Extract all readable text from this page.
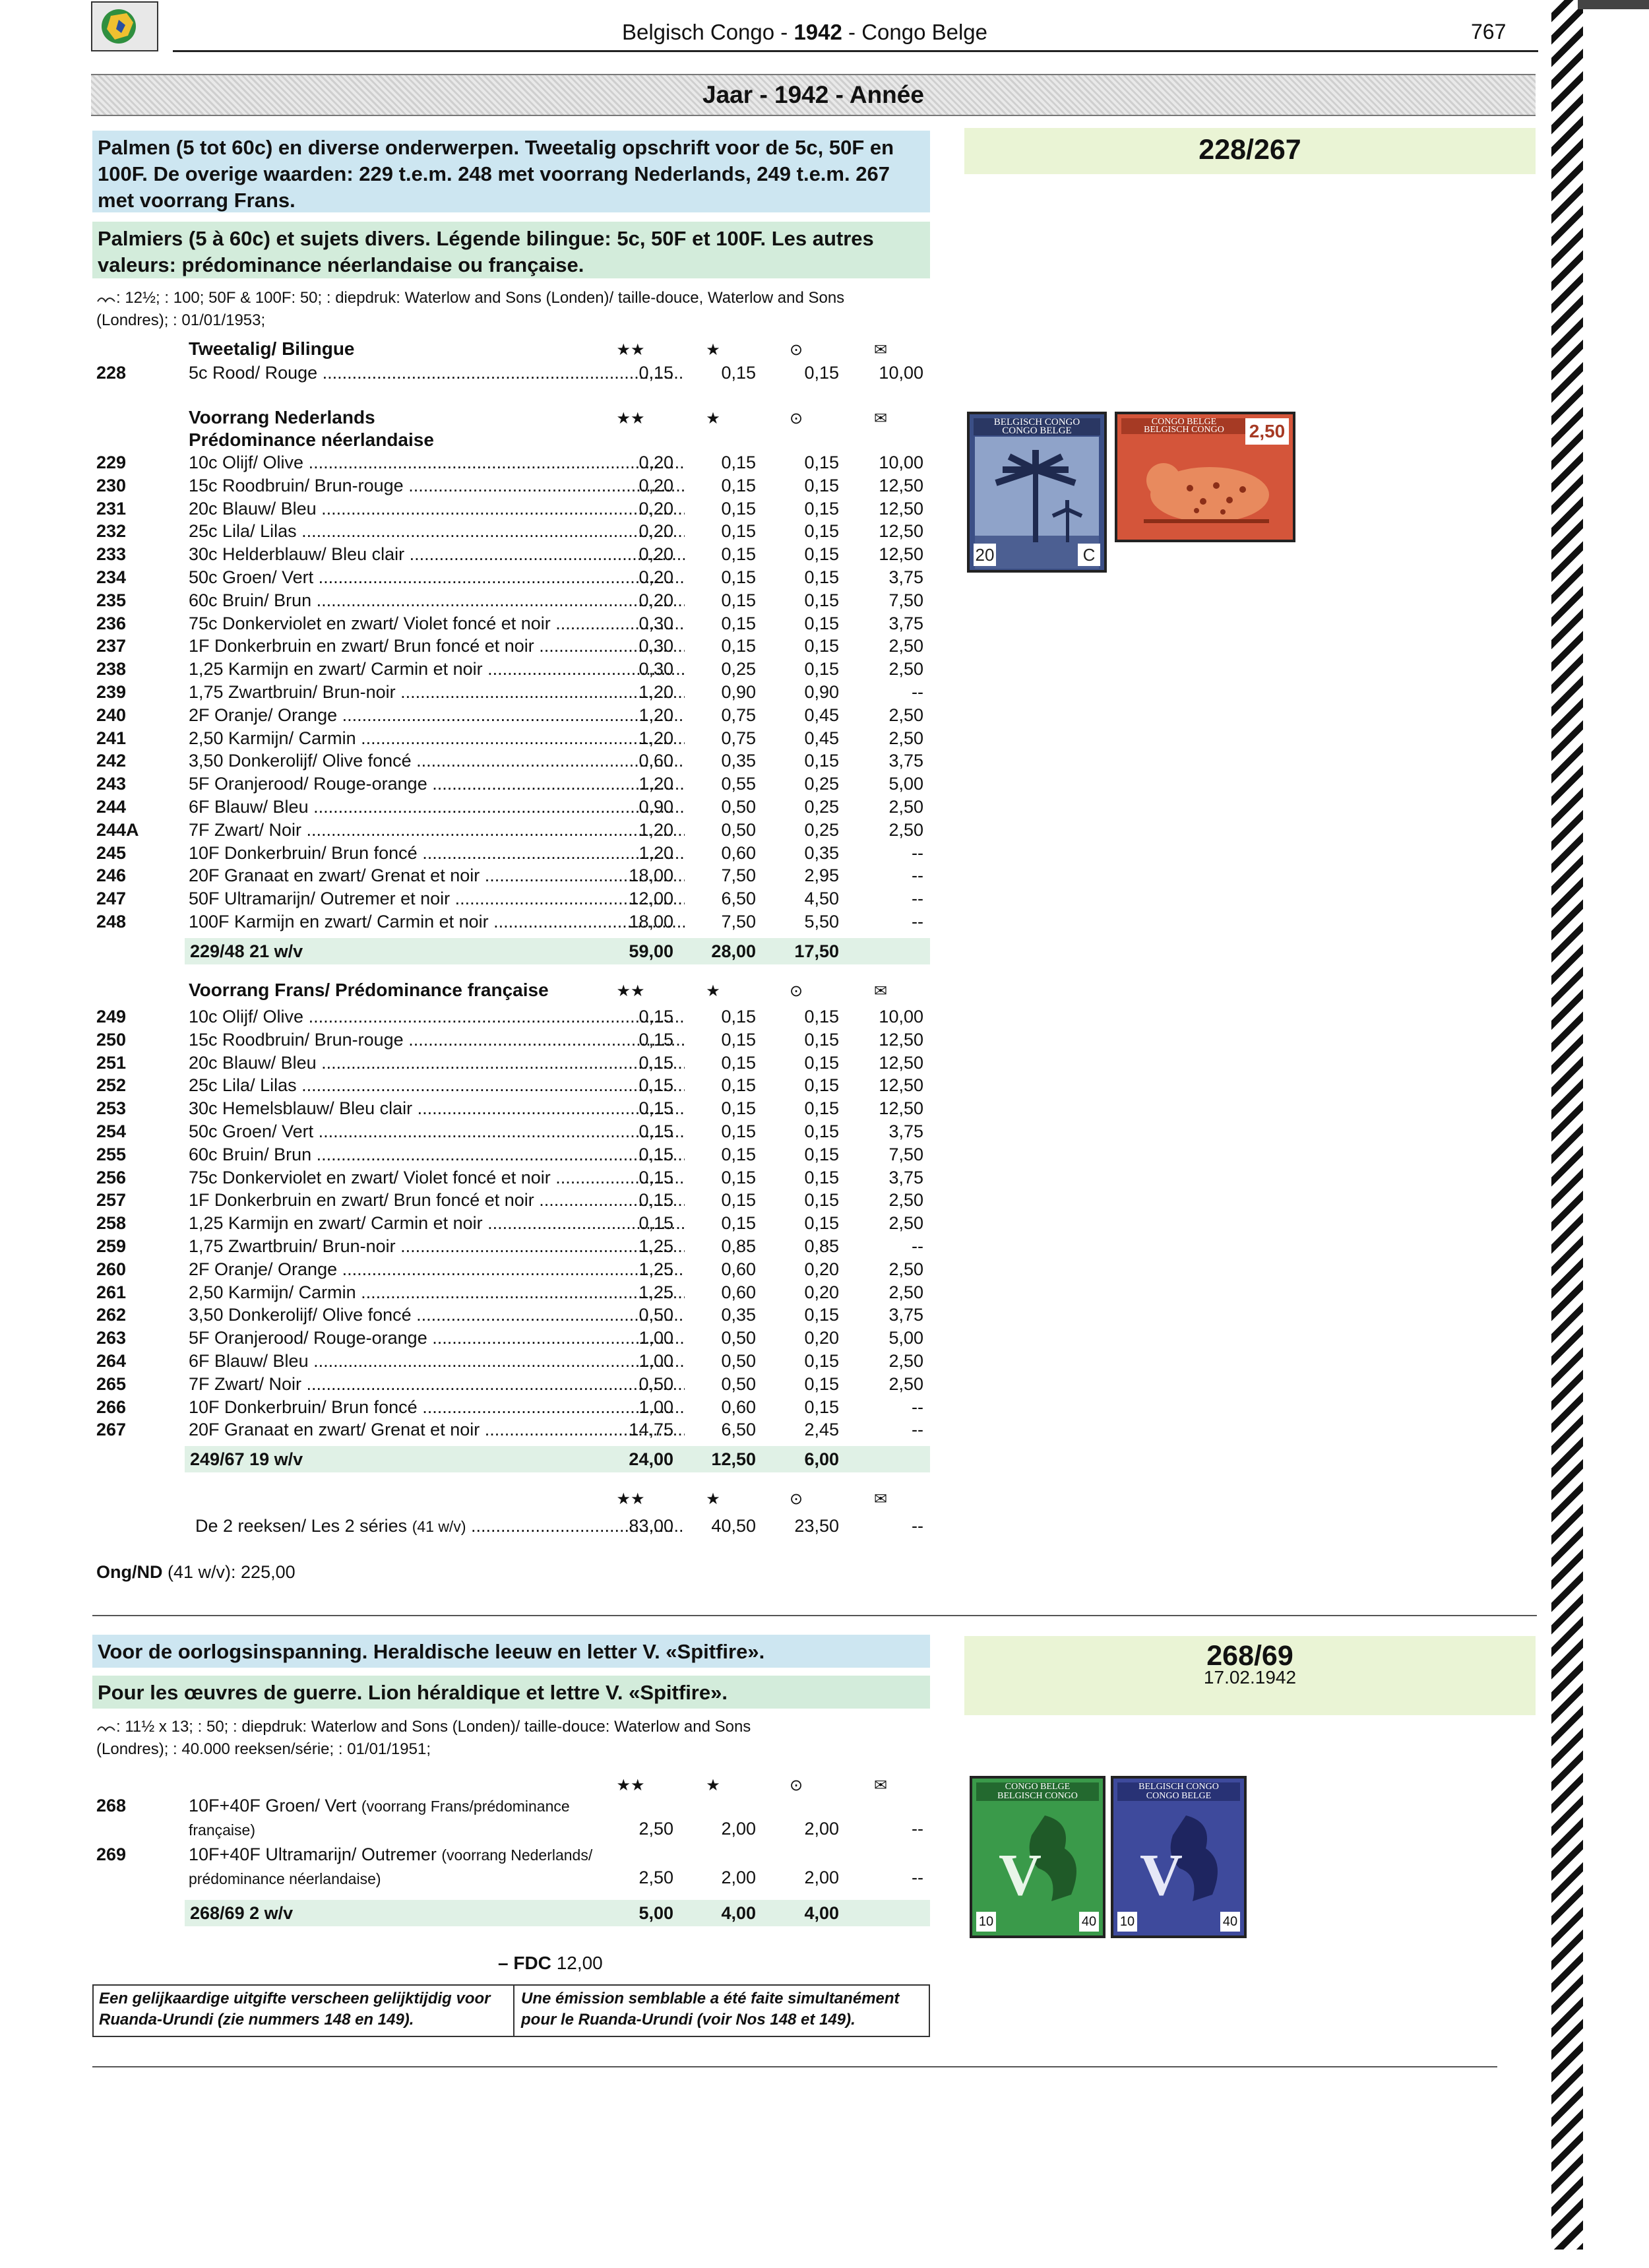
Belgisch Congo - 1942 - Congo Belge	767
Jaar - 1942 - Année
Palmen (5 tot 60c) en diverse onderwerpen. Tweetalig opschrift voor de 5c, 50F en 100F. De overige waarden: 229 t.e.m. 248 met voorrang Nederlands, 249 t.e.m. 267 met voorrang Frans.
Palmiers (5 à 60c) et sujets divers. Légende bilingue: 5c, 50F et 100F. Les autres valeurs: prédominance néerlandaise ou française.
228/267
: 12½; : 100; 50F & 100F: 50; : diepdruk: Waterlow and Sons (Londen)/ taille-douce, Waterlow and Sons
(Londres); : 01/01/1953;
★★	★	⊙	✉
★★	★	⊙	✉
★★	★	⊙	✉
★★	★	⊙	✉
★★	★	⊙	✉
Tweetalig/ Bilingue
Voorrang Nederlands
Prédominance néerlandaise
Voorrang Frans/ Prédominance française
228	5c Rood/ Rouge .....	0,15	0,15	0,15	10,00
229	10c Olijf/ Olive .....	0,20	0,15	0,15	10,00
230	15c Roodbruin/ Brun-rouge .....	0,20	0,15	0,15	12,50
231	20c Blauw/ Bleu .....	0,20	0,15	0,15	12,50
232	25c Lila/ Lilas .....	0,20	0,15	0,15	12,50
233	30c Helderblauw/ Bleu clair .....	0,20	0,15	0,15	12,50
234	50c Groen/ Vert .....	0,20	0,15	0,15	3,75
235	60c Bruin/ Brun .....	0,20	0,15	0,15	7,50
236	75c Donkerviolet en zwart/ Violet foncé et noir .....	0,30	0,15	0,15	3,75
237	1F Donkerbruin en zwart/ Brun foncé et noir .....	0,30	0,15	0,15	2,50
238	1,25 Karmijn en zwart/ Carmin et noir .....	0,30	0,25	0,15	2,50
239	1,75 Zwartbruin/ Brun-noir .....	1,20	0,90	0,90	--
240	2F Oranje/ Orange .....	1,20	0,75	0,45	2,50
241	2,50 Karmijn/ Carmin .....	1,20	0,75	0,45	2,50
242	3,50 Donkerolijf/ Olive foncé .....	0,60	0,35	0,15	3,75
243	5F Oranjerood/ Rouge-orange .....	1,20	0,55	0,25	5,00
244	6F Blauw/ Bleu .....	0,90	0,50	0,25	2,50
244A	7F Zwart/ Noir .....	1,20	0,50	0,25	2,50
245	10F Donkerbruin/ Brun foncé .....	1,20	0,60	0,35	--
246	20F Granaat en zwart/ Grenat et noir .....	18,00	7,50	2,95	--
247	50F Ultramarijn/ Outremer et noir .....	12,00	6,50	4,50	--
248	100F Karmijn en zwart/ Carmin et noir .....	18,00	7,50	5,50	--
249	10c Olijf/ Olive .....	0,15	0,15	0,15	10,00
250	15c Roodbruin/ Brun-rouge .....	0,15	0,15	0,15	12,50
251	20c Blauw/ Bleu .....	0,15	0,15	0,15	12,50
252	25c Lila/ Lilas .....	0,15	0,15	0,15	12,50
253	30c Hemelsblauw/ Bleu clair .....	0,15	0,15	0,15	12,50
254	50c Groen/ Vert .....	0,15	0,15	0,15	3,75
255	60c Bruin/ Brun .....	0,15	0,15	0,15	7,50
256	75c Donkerviolet en zwart/ Violet foncé et noir .....	0,15	0,15	0,15	3,75
257	1F Donkerbruin en zwart/ Brun foncé et noir .....	0,15	0,15	0,15	2,50
258	1,25 Karmijn en zwart/ Carmin et noir .....	0,15	0,15	0,15	2,50
259	1,75 Zwartbruin/ Brun-noir .....	1,25	0,85	0,85	--
260	2F Oranje/ Orange .....	1,25	0,60	0,20	2,50
261	2,50 Karmijn/ Carmin .....	1,25	0,60	0,20	2,50
262	3,50 Donkerolijf/ Olive foncé .....	0,50	0,35	0,15	3,75
263	5F Oranjerood/ Rouge-orange .....	1,00	0,50	0,20	5,00
264	6F Blauw/ Bleu .....	1,00	0,50	0,15	2,50
265	7F Zwart/ Noir .....	0,50	0,50	0,15	2,50
266	10F Donkerbruin/ Brun foncé .....	1,00	0,60	0,15	--
267	20F Granaat en zwart/ Grenat et noir .....	14,75	6,50	2,45	--
229/48 21 w/v	59,00	28,00	17,50
249/67 19 w/v	24,00	12,50	6,00
De 2 reeksen/ Les 2 séries (41 w/v) .....	83,00	40,50	23,50	--
Ong/ND (41 w/v): 225,00
BELGISCH CONGO
CONGO BELGE
20	C
CONGO BELGE
BELGISCH CONGO	2,50
Voor de oorlogsinspanning. Heraldische leeuw en letter V. «Spitfire».
Pour les œuvres de guerre. Lion héraldique et lettre V. «Spitfire».
268/69
17.02.1942
: 11½ x 13; : 50; : diepdruk: Waterlow and Sons (Londen)/ taille-douce: Waterlow and Sons
(Londres); : 40.000 reeksen/série; : 01/01/1951;
268	10F+40F Groen/ Vert (voorrang Frans/prédominance
française)	2,50	2,00	2,00	--
269	10F+40F Ultramarijn/ Outremer (voorrang Nederlands/
prédominance néerlandaise)	2,50	2,00	2,00	--
268/69 2 w/v	5,00	4,00	4,00
– FDC 12,00
Een gelijkaardige uitgifte verscheen gelijktijdig voor Ruanda-Urundi (zie nummers 148 en 149).
Une émission semblable a été faite simultanément pour le Ruanda-Urundi (voir Nos 148 et 149).
CONGO BELGE
BELGISCH CONGO
V
10	40
BELGISCH CONGO
CONGO BELGE
V
10	40
